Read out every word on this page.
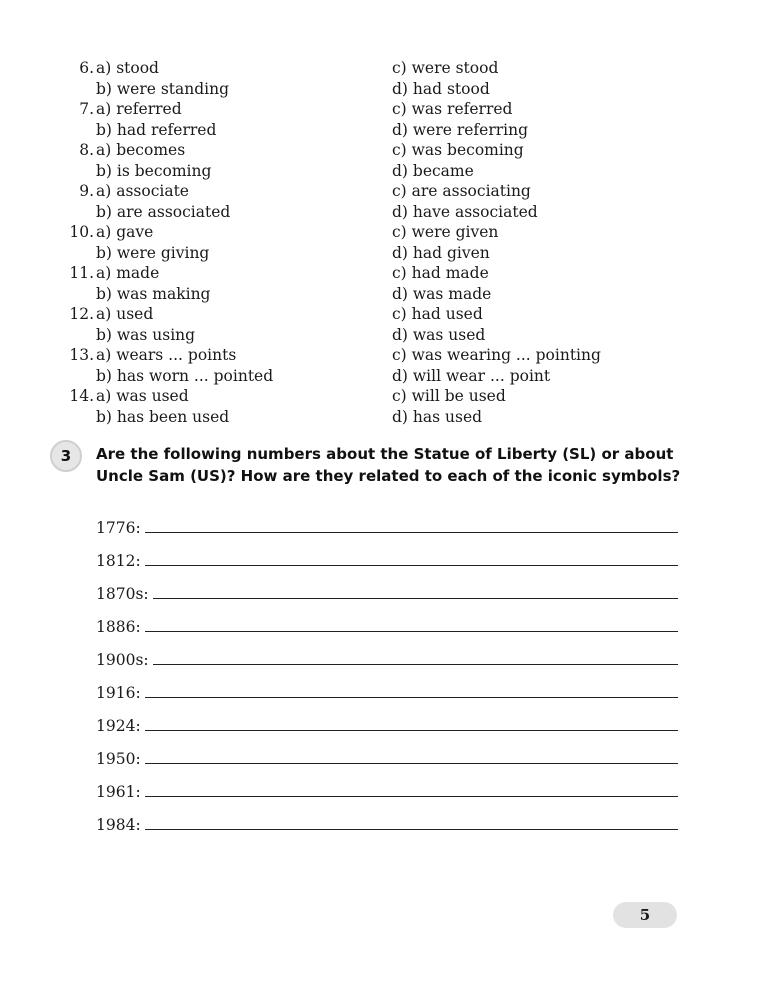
6. a) stood
b) were standing
c) were stood
d) had stood
7. a) referred
b) had referred
c) was referred
d) were referring
8. a) becomes
b) is becoming
c) was becoming
d) became
9. a) associate
b) are associated
c) are associating
d) have associated
10. a) gave
b) were giving
c) were given
d) had given
11. a) made
b) was making
c) had made
d) was made
12. a) used
b) was using
c) had used
d) was used
13. a) wears ... points
b) has worn ... pointed
c) was wearing ... pointing
d) will wear ... point
14. a) was used
b) has been used
c) will be used
d) has used
3	Are the following numbers about the Statue of Liberty (SL) or about Uncle Sam (US)? How are they related to each of the iconic symbols?
1776:
1812:
1870s:
1886:
1900s:
1916:
1924:
1950:
1961:
1984:
5
